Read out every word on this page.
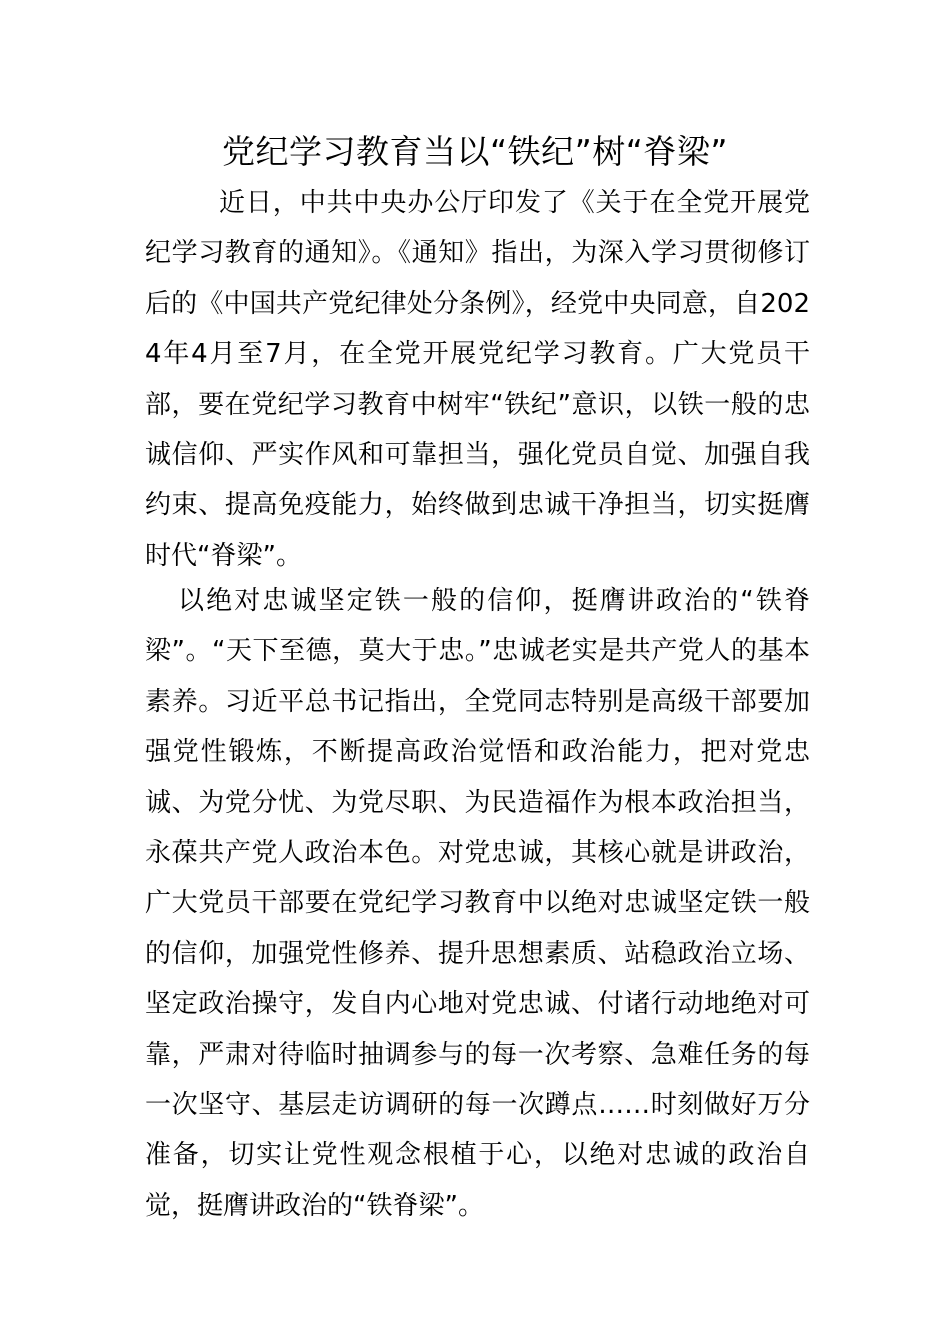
党纪学习教育当以“铁纪”树“脊梁”

近日，中共中央办公厅印发了《关于在全党开展党纪学习教育的通知》。《通知》指出，为深入学习贯彻修订后的《中国共产党纪律处分条例》，经党中央同意，自2024年4月至7月，在全党开展党纪学习教育。广大党员干部，要在党纪学习教育中树牢“铁纪”意识，以铁一般的忠诚信仰、严实作风和可靠担当，强化党员自觉、加强自我约束、提高免疫能力，始终做到忠诚干净担当，切实挺膺时代“脊梁”。

以绝对忠诚坚定铁一般的信仰，挺膺讲政治的“铁脊梁”。“天下至德，莫大于忠。”忠诚老实是共产党人的基本素养。习近平总书记指出，全党同志特别是高级干部要加强党性锻炼，不断提高政治觉悟和政治能力，把对党忠诚、为党分忧、为党尽职、为民造福作为根本政治担当，永葆共产党人政治本色。对党忠诚，其核心就是讲政治， 广大党员干部要在党纪学习教育中以绝对忠诚坚定铁一般的信仰，加强党性修养、提升思想素质、站稳政治立场、坚定政治操守，发自内心地对党忠诚、付诸行动地绝对可靠，严肃对待临时抽调参与的每一次考察、急难任务的每一次坚守、基层走访调研的每一次蹲点……时刻做好万分准备，切实让党性观念根植于心，以绝对忠诚的政治自觉，挺膺讲政治的“铁脊梁”。
